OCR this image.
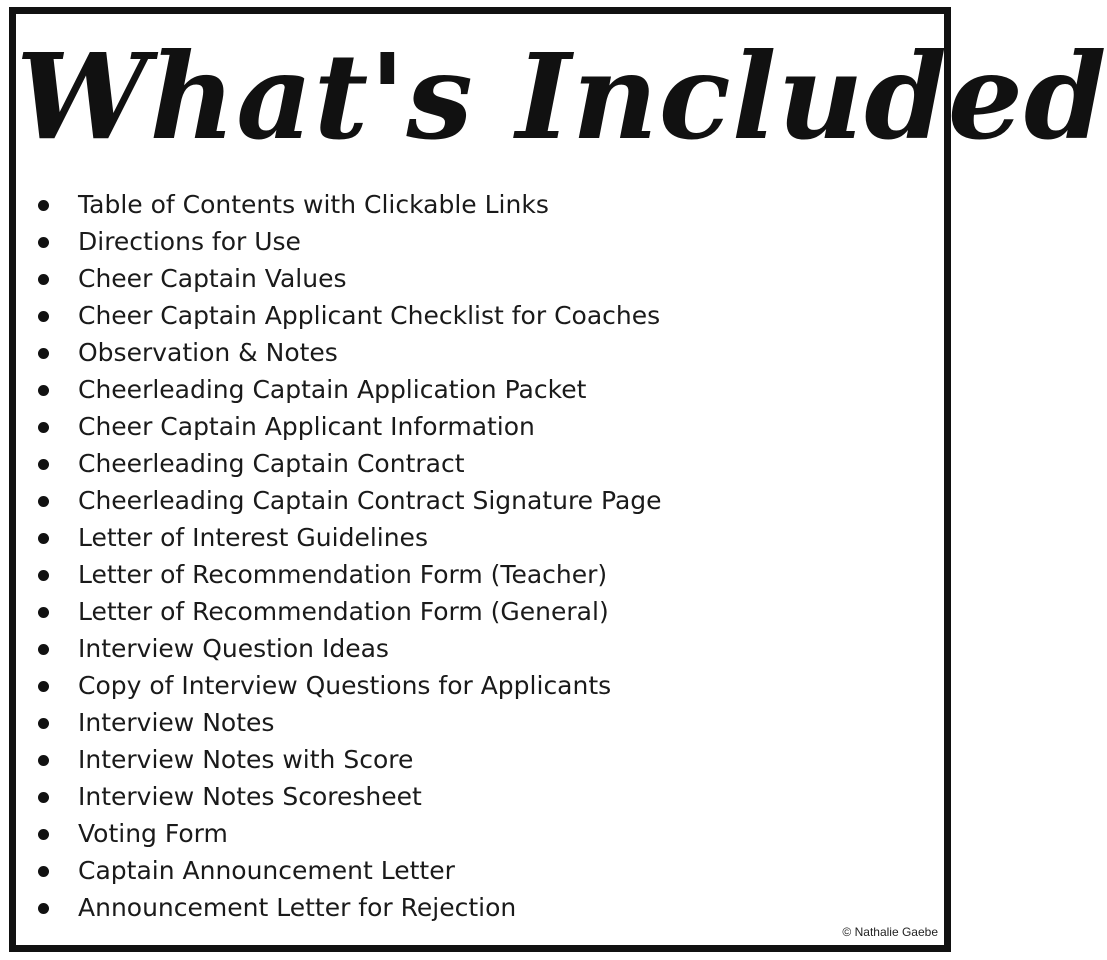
What's Included
Table of Contents with Clickable Links
Directions for Use
Cheer Captain Values
Cheer Captain Applicant Checklist for Coaches
Observation & Notes
Cheerleading Captain Application Packet
Cheer Captain Applicant Information
Cheerleading Captain Contract
Cheerleading Captain Contract Signature Page
Letter of Interest Guidelines
Letter of Recommendation Form (Teacher)
Letter of Recommendation Form (General)
Interview Question Ideas
Copy of Interview Questions for Applicants
Interview Notes
Interview Notes with Score
Interview Notes Scoresheet
Voting Form
Captain Announcement Letter
Announcement Letter for Rejection
© Nathalie Gaebe
